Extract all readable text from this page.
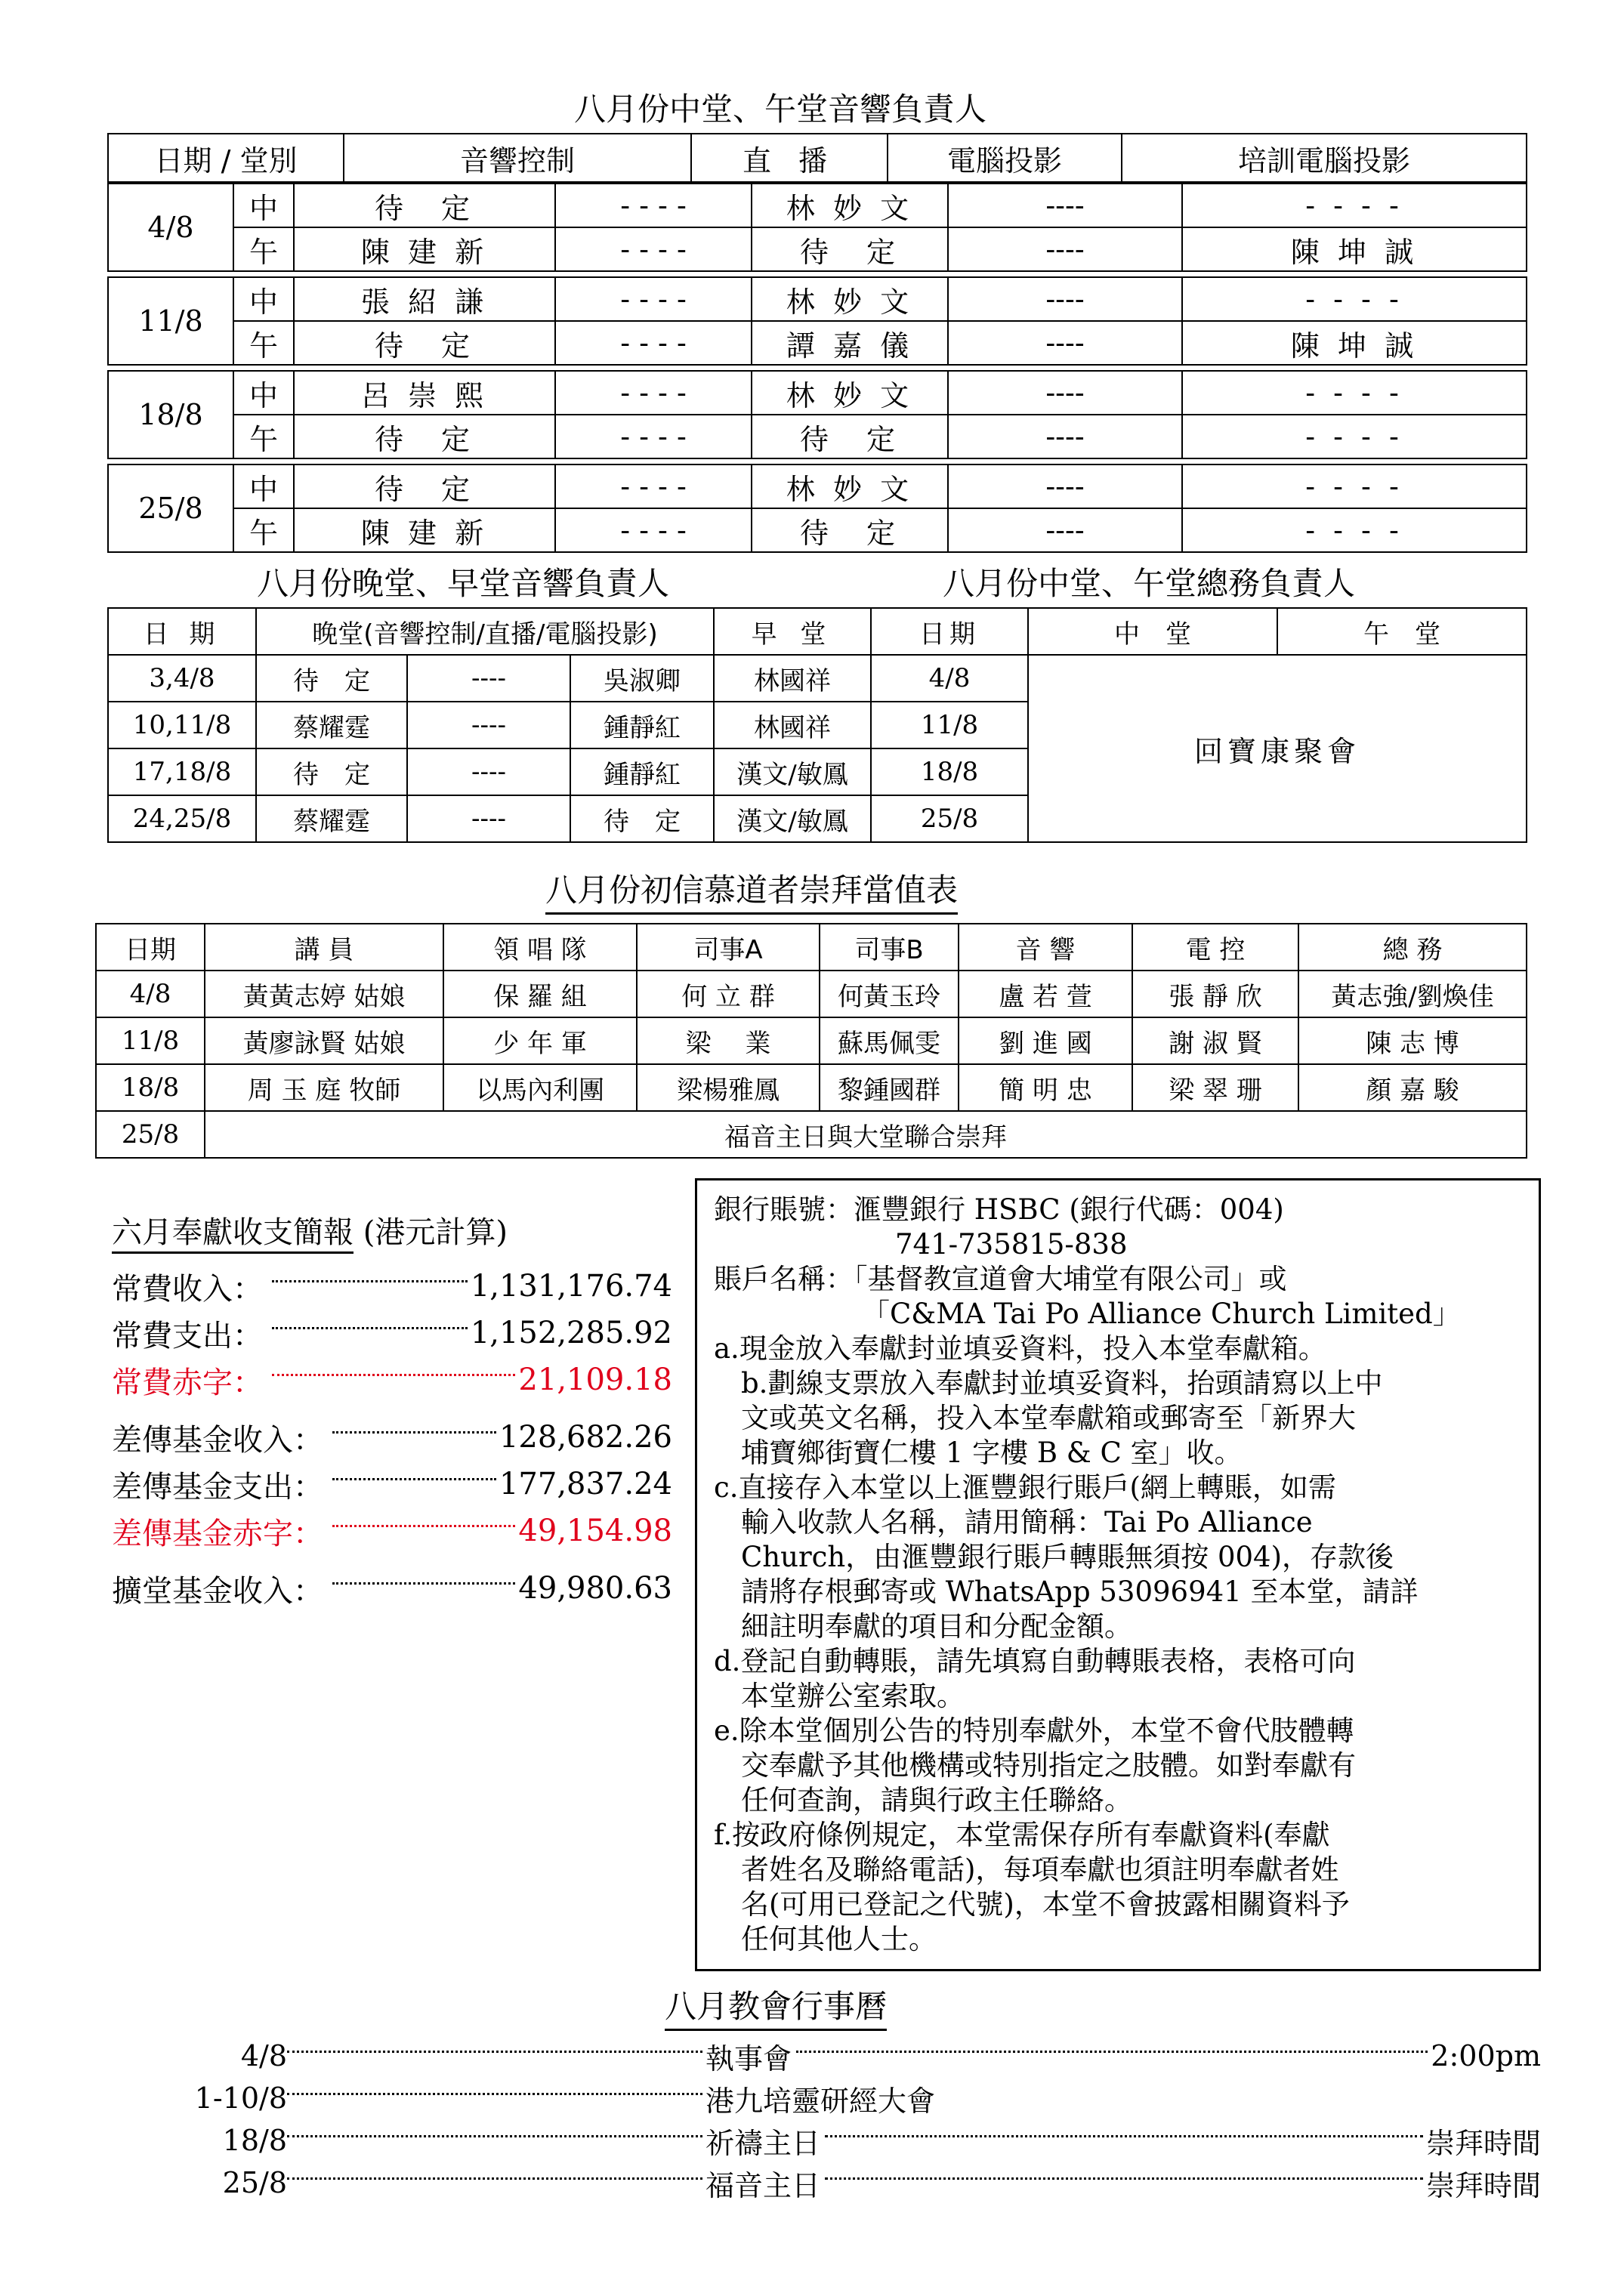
八月份中堂、午堂音響負責人
日期 / 堂別	音響控制	直 播	電腦投影	培訓電腦投影	
4/8	中	待　定	- - - -	林 妙 文	----	- - - -
	午	陳 建 新	- - - -	待　定	----	陳 坤 誠

11/8	中	張 紹 謙	- - - -	林 妙 文	----	- - - -
	午	待　定	- - - -	譚 嘉 儀	----	陳 坤 誠

18/8	中	呂 崇 熙	- - - -	林 妙 文	----	- - - -
	午	待　定	- - - -	待　定	----	- - - -

25/8	中	待　定	- - - -	林 妙 文	----	- - - -
	午	陳 建 新	- - - -	待　定	----	- - - -
八月份晚堂、早堂音響負責人	八月份中堂、午堂總務負責人
日 期	晚堂(音響控制/直播/電腦投影)			早 堂
3,4/8	待　定	----	吳淑卿	林國祥
10,11/8	蔡耀霆	----	鍾靜紅	林國祥
17,18/8	待　定	----	鍾靜紅	漢文/敏鳳
24,25/8	蔡耀霆	----	待　定	漢文/敏鳳
日期	中　堂	午　堂
4/8	回寶康聚會	
11/8		
18/8		
25/8		
八月份初信慕道者崇拜當值表
日期	講 員	領 唱 隊	司事A	司事B	音 響	電 控	總 務
4/8	黃黃志婷 姑娘	保 羅 組	何 立 群	何黃玉玲	盧 若 萱	張 靜 欣	黃志強/劉煥佳
11/8	黃廖詠賢 姑娘	少 年 軍	梁　 業	蘇馬佩雯	劉 進 國	謝 淑 賢	陳 志 博
18/8	周 玉 庭 牧師	以馬內利團	梁楊雅鳳	黎鍾國群	簡 明 忠	梁 翠 珊	顏 嘉 駿
25/8	福音主日與大堂聯合崇拜						
六月奉獻收支簡報 (港元計算)
常費收入：	1,131,176.74
常費支出：	1,152,285.92
常費赤字：	21,109.18
差傳基金收入：	128,682.26
差傳基金支出：	177,837.24
差傳基金赤字：	49,154.98
擴堂基金收入：	49,980.63
銀行賬號：滙豐銀行 HSBC (銀行代碼：004)
741-735815-838
賬戶名稱：「基督教宣道會大埔堂有限公司」或
「C&MA Tai Po Alliance Church Limited」
a.現金放入奉獻封並填妥資料，投入本堂奉獻箱。
b.劃線支票放入奉獻封並填妥資料，抬頭請寫以上中
文或英文名稱，投入本堂奉獻箱或郵寄至「新界大
埔寶鄉街寶仁樓 1 字樓 B & C 室」收。
c.直接存入本堂以上滙豐銀行賬戶(網上轉賬，如需
輸入收款人名稱，請用簡稱：Tai Po Alliance
Church，由滙豐銀行賬戶轉賬無須按 004)，存款後
請將存根郵寄或 WhatsApp 53096941 至本堂，請詳
細註明奉獻的項目和分配金額。
d.登記自動轉賬，請先填寫自動轉賬表格，表格可向
本堂辦公室索取。
e.除本堂個別公告的特別奉獻外，本堂不會代肢體轉
交奉獻予其他機構或特別指定之肢體。如對奉獻有
任何查詢，請與行政主任聯絡。
f.按政府條例規定，本堂需保存所有奉獻資料(奉獻
者姓名及聯絡電話)，每項奉獻也須註明奉獻者姓
名(可用已登記之代號)，本堂不會披露相關資料予
任何其他人士。
八月教會行事曆
4/8	執事會	2:00pm
1-10/8	港九培靈研經大會
18/8	祈禱主日	崇拜時間
25/8	福音主日	崇拜時間
